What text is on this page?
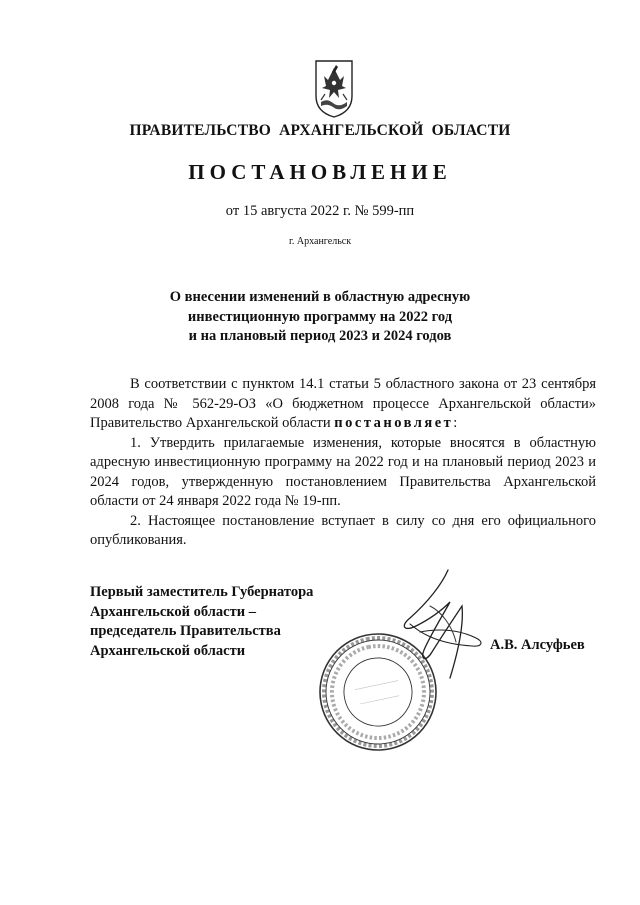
ПРАВИТЕЛЬСТВО АРХАНГЕЛЬСКОЙ ОБЛАСТИ
ПОСТАНОВЛЕНИЕ
от 15 августа 2022 г. № 599-пп
г. Архангельск
О внесении изменений в областную адресную
инвестиционную программу на 2022 год
и на плановый период 2023 и 2024 годов

В соответствии с пунктом 14.1 статьи 5 областного закона от 23 сентября 2008 года № 562-29-ОЗ «О бюджетном процессе Архангельской области» Правительство Архангельской области постановляет:

1. Утвердить прилагаемые изменения, которые вносятся в областную адресную инвестиционную программу на 2022 год и на плановый период 2023 и 2024 годов, утвержденную постановлением Правительства Архангельской области от 24 января 2022 года № 19-пп.

2. Настоящее постановление вступает в силу со дня его официального опубликования.

Первый заместитель Губернатора
Архангельской области –
председатель Правительства
Архангельской области	А.В. Алсуфьев
